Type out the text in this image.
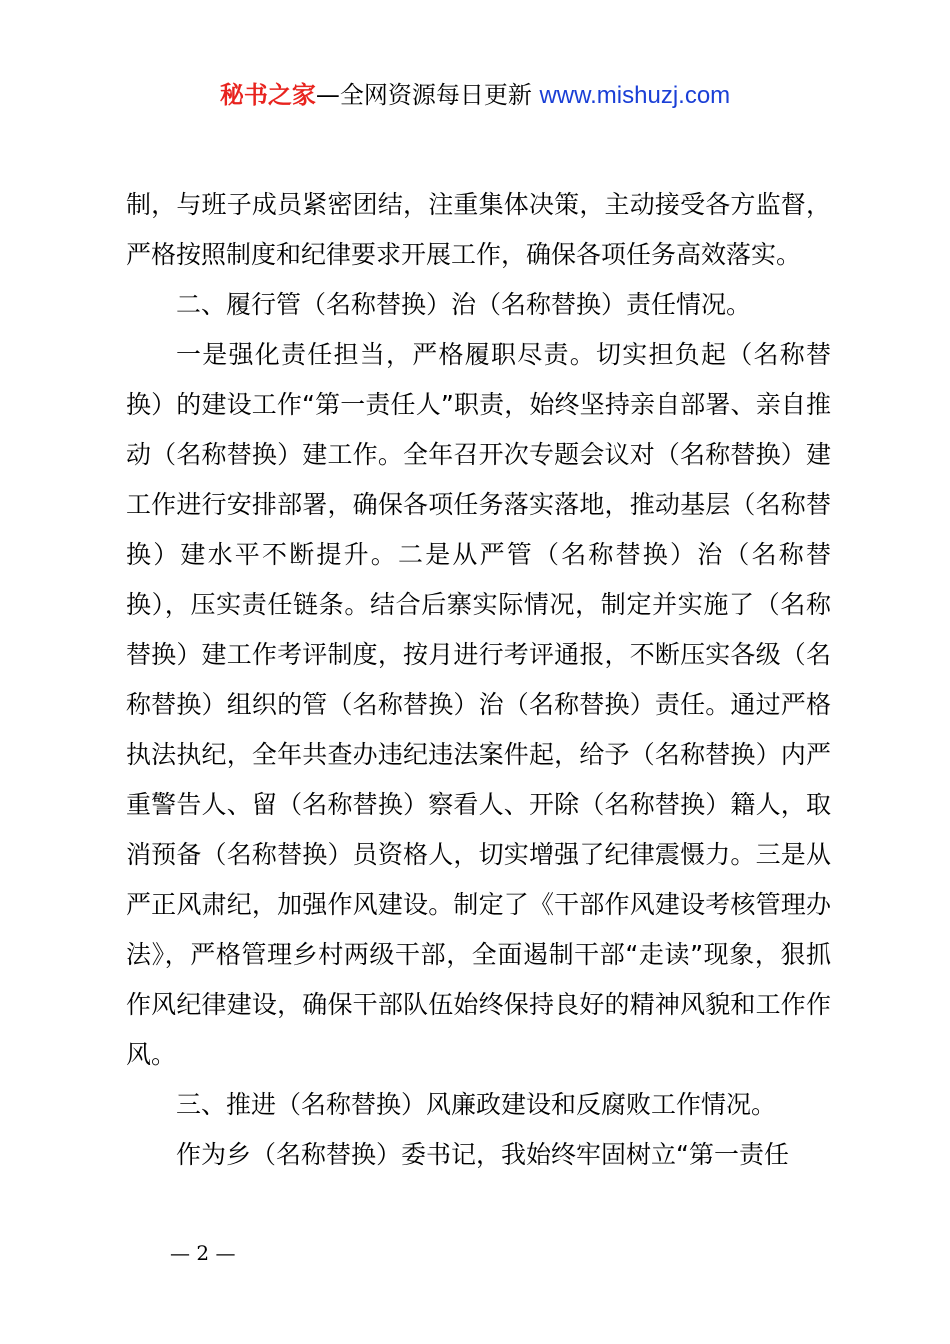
秘书之家—全网资源每日更新 www.mishuzj.com

制，与班子成员紧密团结，注重集体决策，主动接受各方监督，严格按照制度和纪律要求开展工作，确保各项任务高效落实。

二、履行管（名称替换）治（名称替换）责任情况。

一是强化责任担当，严格履职尽责。切实担负起（名称替换）的建设工作“第一责任人”职责，始终坚持亲自部署、亲自推动（名称替换）建工作。全年召开次专题会议对（名称替换）建工作进行安排部署，确保各项任务落实落地，推动基层（名称替换）建水平不断提升。二是从严管（名称替换）治（名称替换），压实责任链条。结合后寨实际情况，制定并实施了（名称替换）建工作考评制度，按月进行考评通报，不断压实各级（名称替换）组织的管（名称替换）治（名称替换）责任。通过严格执法执纪，全年共查办违纪违法案件起，给予（名称替换）内严重警告人、留（名称替换）察看人、开除（名称替换）籍人，取消预备（名称替换）员资格人，切实增强了纪律震慑力。三是从严正风肃纪，加强作风建设。制定了《干部作风建设考核管理办法》，严格管理乡村两级干部，全面遏制干部“走读”现象，狠抓作风纪律建设，确保干部队伍始终保持良好的精神风貌和工作作风。

三、推进（名称替换）风廉政建设和反腐败工作情况。

作为乡（名称替换）委书记，我始终牢固树立“第一责任

— 2 —
